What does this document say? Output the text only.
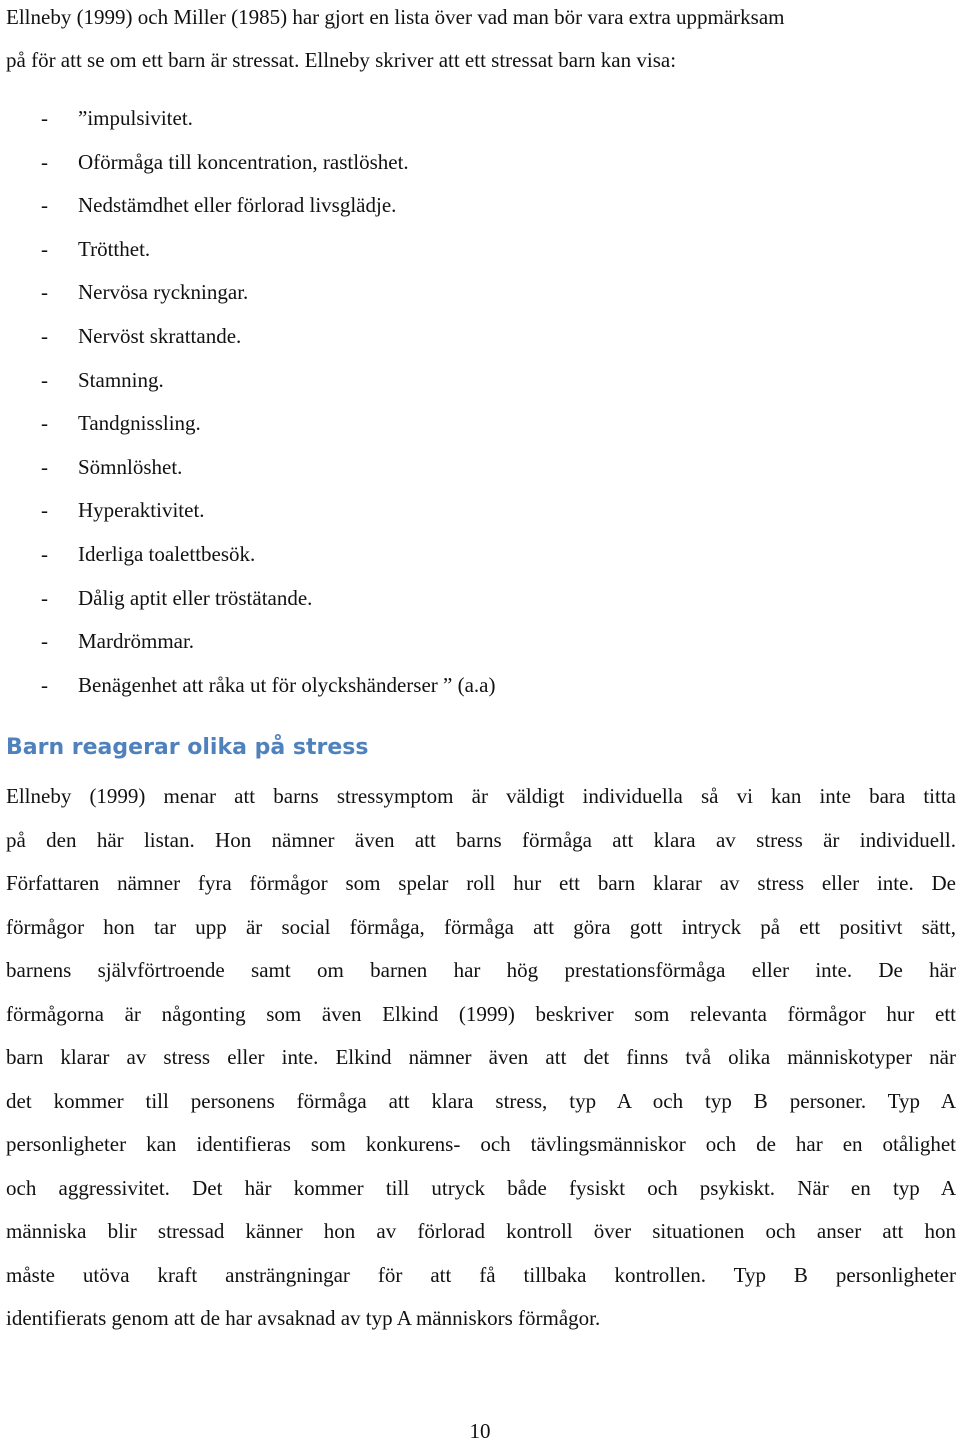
Ellneby (1999) och Miller (1985) har gjort en lista över vad man bör vara extra uppmärksam
på för att se om ett barn är stressat. Ellneby skriver att ett stressat barn kan visa:

- ”impulsivitet.
- Oförmåga till koncentration, rastlöshet.
- Nedstämdhet eller förlorad livsglädje.
- Trötthet.
- Nervösa ryckningar.
- Nervöst skrattande.
- Stamning.
- Tandgnissling.
- Sömnlöshet.
- Hyperaktivitet.
- Iderliga toalettbesök.
- Dålig aptit eller tröstätande.
- Mardrömmar.
- Benägenhet att råka ut för olyckshänderser ” (a.a)
Barn reagerar olika på stress
Ellneby (1999) menar att barns stressymptom är väldigt individuella så vi kan inte bara titta
på den här listan. Hon nämner även att barns förmåga att klara av stress är individuell.
Författaren nämner fyra förmågor som spelar roll hur ett barn klarar av stress eller inte. De
förmågor hon tar upp är social förmåga, förmåga att göra gott intryck på ett positivt sätt,
barnens självförtroende samt om barnen har hög prestationsförmåga eller inte. De här
förmågorna är någonting som även Elkind (1999) beskriver som relevanta förmågor hur ett
barn klarar av stress eller inte. Elkind nämner även att det finns två olika människotyper när
det kommer till personens förmåga att klara stress, typ A och typ B personer. Typ A
personligheter kan identifieras som konkurens- och tävlingsmänniskor och de har en otålighet
och aggressivitet. Det här kommer till utryck både fysiskt och psykiskt. När en typ A
människa blir stressad känner hon av förlorad kontroll över situationen och anser att hon
måste utöva kraft ansträngningar för att få tillbaka kontrollen. Typ B personligheter
identifierats genom att de har avsaknad av typ A människors förmågor.
10
